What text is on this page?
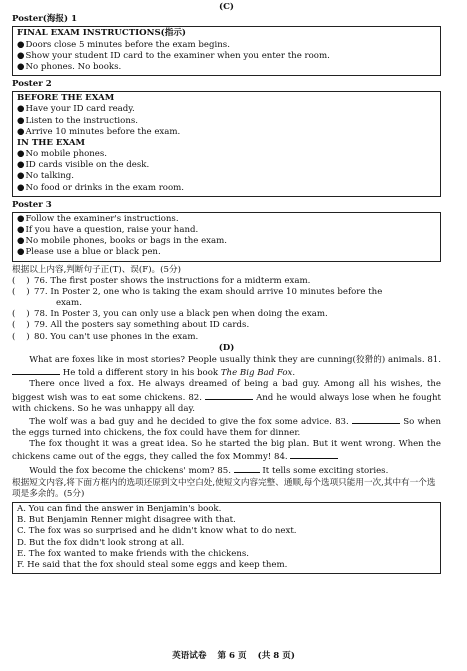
(C)
Poster(海报) 1
FINAL EXAM INSTRUCTIONS(指示)
● Doors close 5 minutes before the exam begins.
● Show your student ID card to the examiner when you enter the room.
● No phones. No books.
Poster 2
BEFORE THE EXAM
● Have your ID card ready.
● Listen to the instructions.
● Arrive 10 minutes before the exam.
IN THE EXAM
● No mobile phones.
● ID cards visible on the desk.
● No talking.
● No food or drinks in the exam room.
Poster 3
● Follow the examiner's instructions.
● If you have a question, raise your hand.
● No mobile phones, books or bags in the exam.
● Please use a blue or black pen.
根据以上内容,判断句子正(T)、误(F)。(5分)
( ) 76. The first poster shows the instructions for a midterm exam.
( ) 77. In Poster 2, one who is taking the exam should arrive 10 minutes before the
exam.
( ) 78. In Poster 3, you can only use a black pen when doing the exam.
( ) 79. All the posters say something about ID cards.
( ) 80. You can't use phones in the exam.
(D)
What are foxes like in most stories? People usually think they are cunning(狡猾的) animals. 81.  He told a different story in his book The Big Bad Fox.
There once lived a fox. He always dreamed of being a bad guy. Among all his wishes, the biggest wish was to eat some chickens. 82.	And he would always lose when he fought with chickens. So he was unhappy all day.
The wolf was a bad guy and he decided to give the fox some advice. 83.	So when the eggs turned into chickens, the fox could have them for dinner.
The fox thought it was a great idea. So he started the big plan. But it went wrong. When the chickens came out of the eggs, they called the fox Mommy! 84.
Would the fox become the chickens' mom? 85.	It tells some exciting stories.
根据短文内容,将下面方框内的选项还原到文中空白处,使短文内容完整、通顺,每个选项只能用一次,其中有一个选项是多余的。(5分)
A. You can find the answer in Benjamin's book.
B. But Benjamin Renner might disagree with that.
C. The fox was so surprised and he didn't know what to do next.
D. But the fox didn't look strong at all.
E. The fox wanted to make friends with the chickens.
F. He said that the fox should steal some eggs and keep them.
英语试卷 第 6 页 (共 8 页)
